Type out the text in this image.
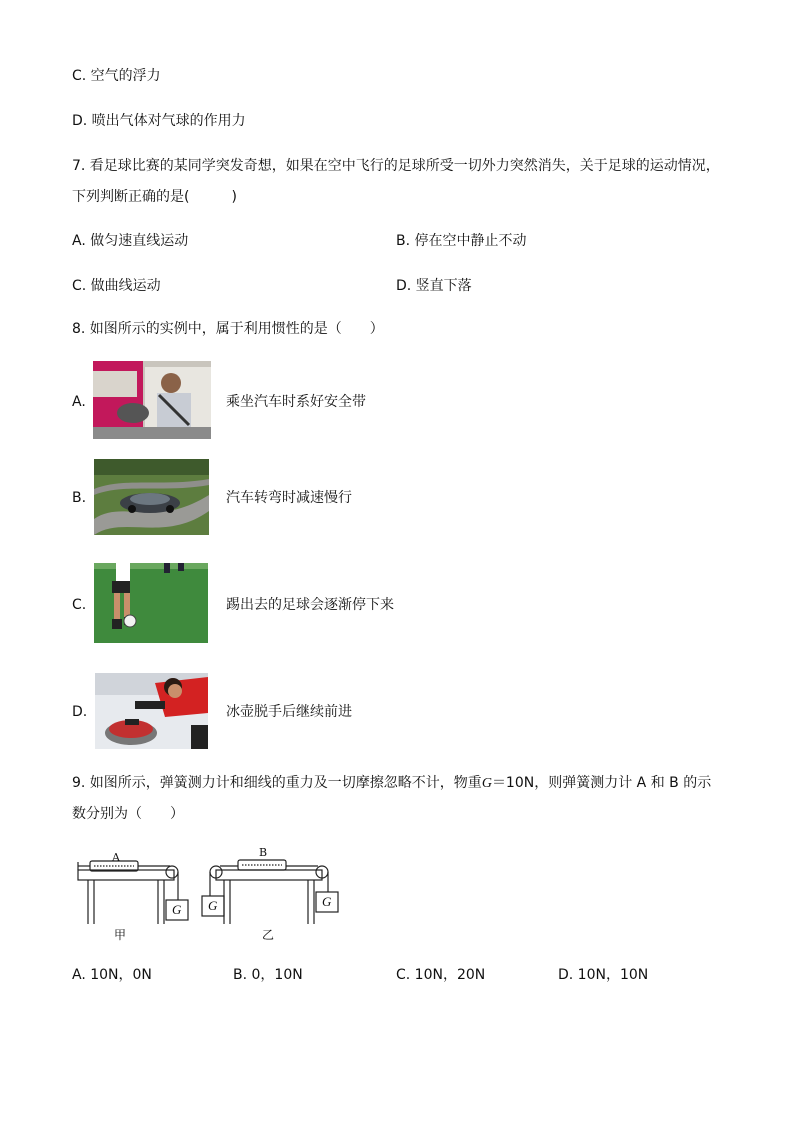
C. 空气的浮力
D. 喷出气体对气球的作用力
7. 看足球比赛的某同学突发奇想，如果在空中飞行的足球所受一切外力突然消失，关于足球的运动情况，
下列判断正确的是(　　　)
A. 做匀速直线运动	B. 停在空中静止不动
C. 做曲线运动	D. 竖直下落
8. 如图所示的实例中，属于利用惯性的是（　　）
A.	乘坐汽车时系好安全带
B.	汽车转弯时减速慢行
C.	踢出去的足球会逐渐停下来
D.	冰壶脱手后继续前进
9. 如图所示，弹簧测力计和细线的重力及一切摩擦忽略不计，物重G＝10N，则弹簧测力计 A 和 B 的示
数分别为（　　）
A	B
G G	G
甲	乙
A. 10N，0N	B. 0，10N	C. 10N，20N	D. 10N，10N
